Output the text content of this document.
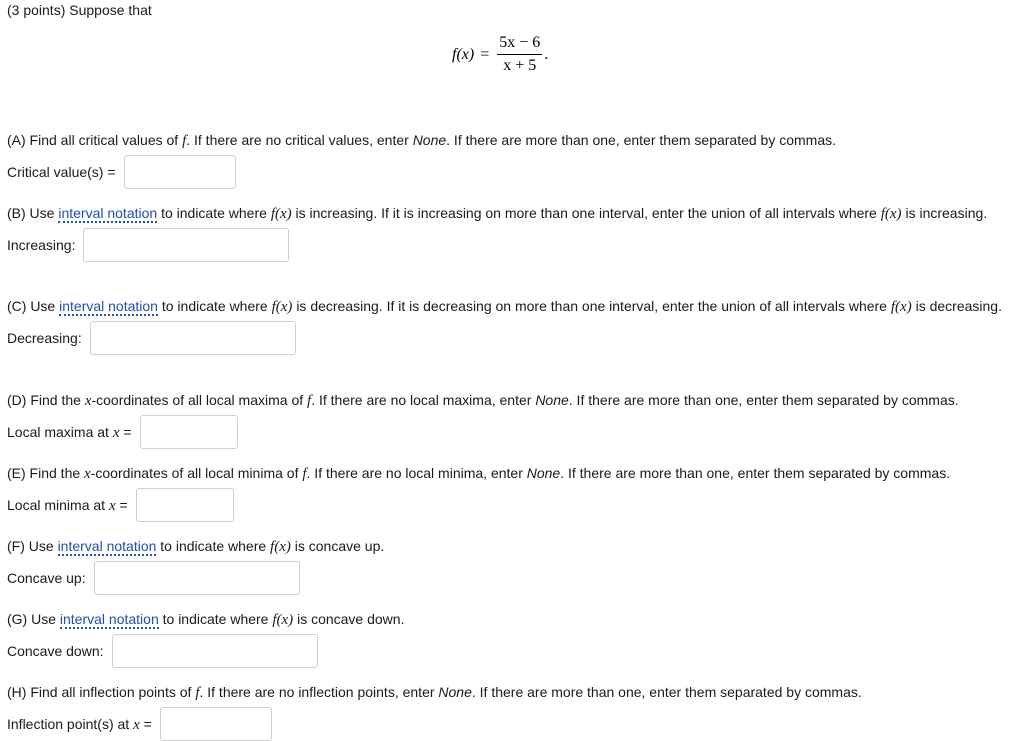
(3 points) Suppose that
$f(x) = \frac{5x - 6}{x + 5}$ .
(A) Find all critical values of f. If there are no critical values, enter None. If there are more than one, enter them separated by commas.
Critical value(s) =
(B) Use interval notation to indicate where f(x) is increasing. If it is increasing on more than one interval, enter the union of all intervals where f(x) is increasing.
Increasing:
(C) Use interval notation to indicate where f(x) is decreasing. If it is decreasing on more than one interval, enter the union of all intervals where f(x) is decreasing.
Decreasing:
(D) Find the x-coordinates of all local maxima of f. If there are no local maxima, enter None. If there are more than one, enter them separated by commas.
Local maxima at x =
(E) Find the x-coordinates of all local minima of f. If there are no local minima, enter None. If there are more than one, enter them separated by commas.
Local minima at x =
(F) Use interval notation to indicate where f(x) is concave up.
Concave up:
(G) Use interval notation to indicate where f(x) is concave down.
Concave down:
(H) Find all inflection points of f. If there are no inflection points, enter None. If there are more than one, enter them separated by commas.
Inflection point(s) at x =
